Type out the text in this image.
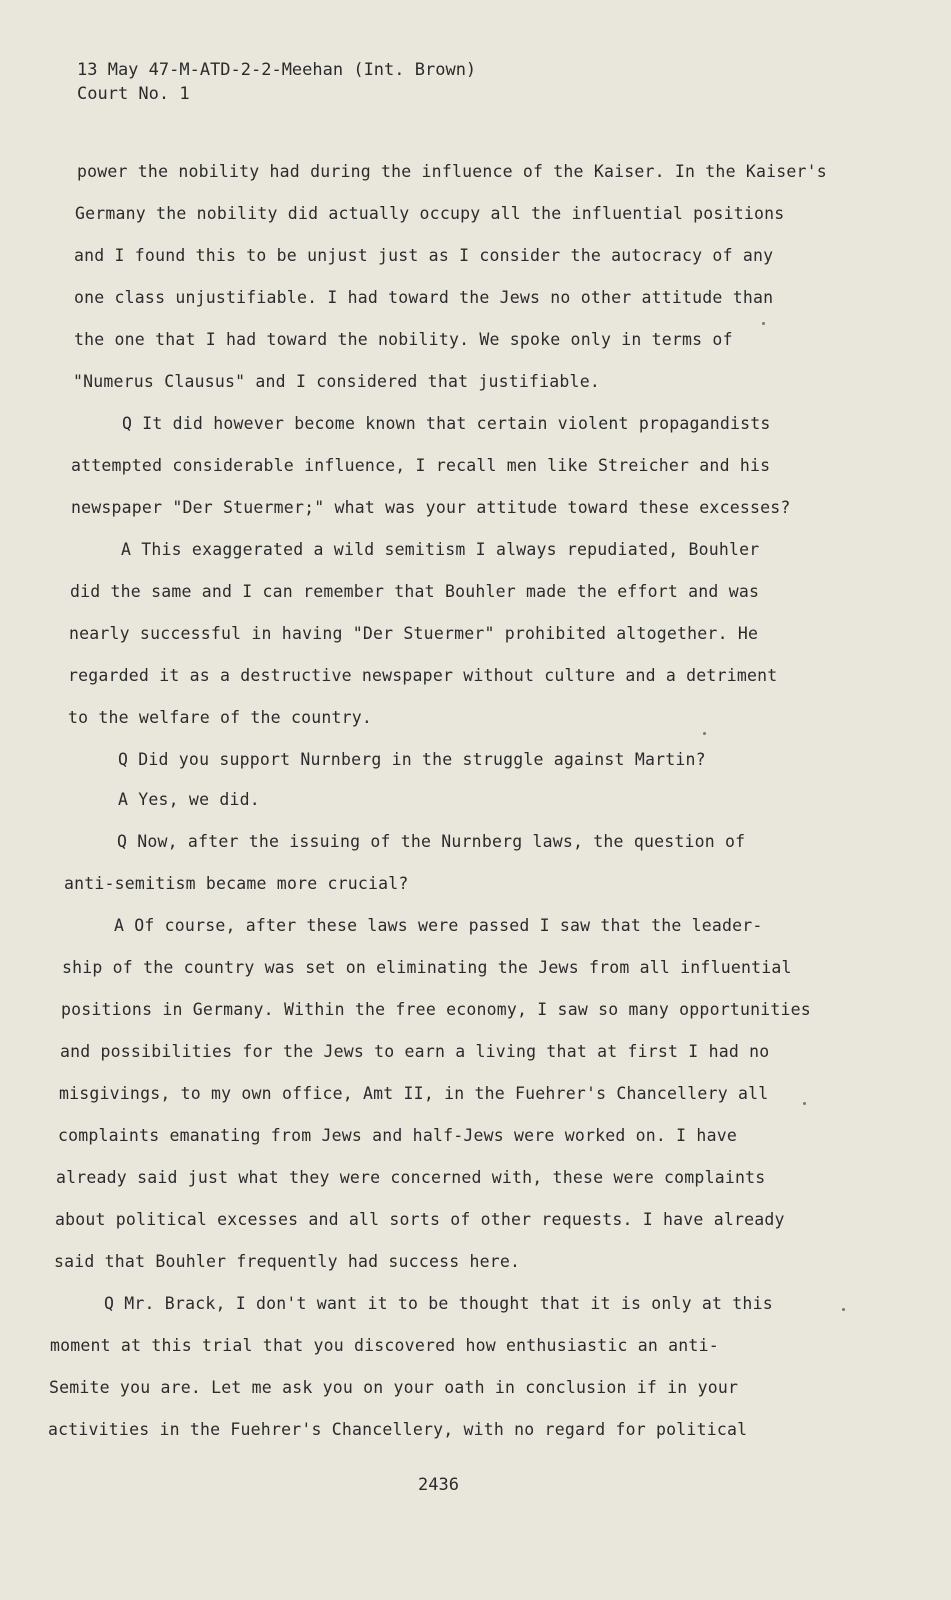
13 May 47-M-ATD-2-2-Meehan (Int. Brown)
Court No. 1
power the nobility had during the influence of the Kaiser. In the Kaiser's
Germany the nobility did actually occupy all the influential positions
and I found this to be unjust just as I consider the autocracy of any
one class unjustifiable. I had toward the Jews no other attitude than
the one that I had toward the nobility. We spoke only in terms of
"Numerus Clausus" and I considered that justifiable.
Q It did however become known that certain violent propagandists
attempted considerable influence, I recall men like Streicher and his
newspaper "Der Stuermer;" what was your attitude toward these excesses?
A This exaggerated a wild semitism I always repudiated, Bouhler
did the same and I can remember that Bouhler made the effort and was
nearly successful in having "Der Stuermer" prohibited altogether. He
regarded it as a destructive newspaper without culture and a detriment
to the welfare of the country.
Q Did you support Nurnberg in the struggle against Martin?
A Yes, we did.
Q Now, after the issuing of the Nurnberg laws, the question of
anti-semitism became more crucial?
A Of course, after these laws were passed I saw that the leader-
ship of the country was set on eliminating the Jews from all influential
positions in Germany. Within the free economy, I saw so many opportunities
and possibilities for the Jews to earn a living that at first I had no
misgivings, to my own office, Amt II, in the Fuehrer's Chancellery all
complaints emanating from Jews and half-Jews were worked on. I have
already said just what they were concerned with, these were complaints
about political excesses and all sorts of other requests. I have already
said that Bouhler frequently had success here.
Q Mr. Brack, I don't want it to be thought that it is only at this
moment at this trial that you discovered how enthusiastic an anti-
Semite you are. Let me ask you on your oath in conclusion if in your
activities in the Fuehrer's Chancellery, with no regard for political
2436
